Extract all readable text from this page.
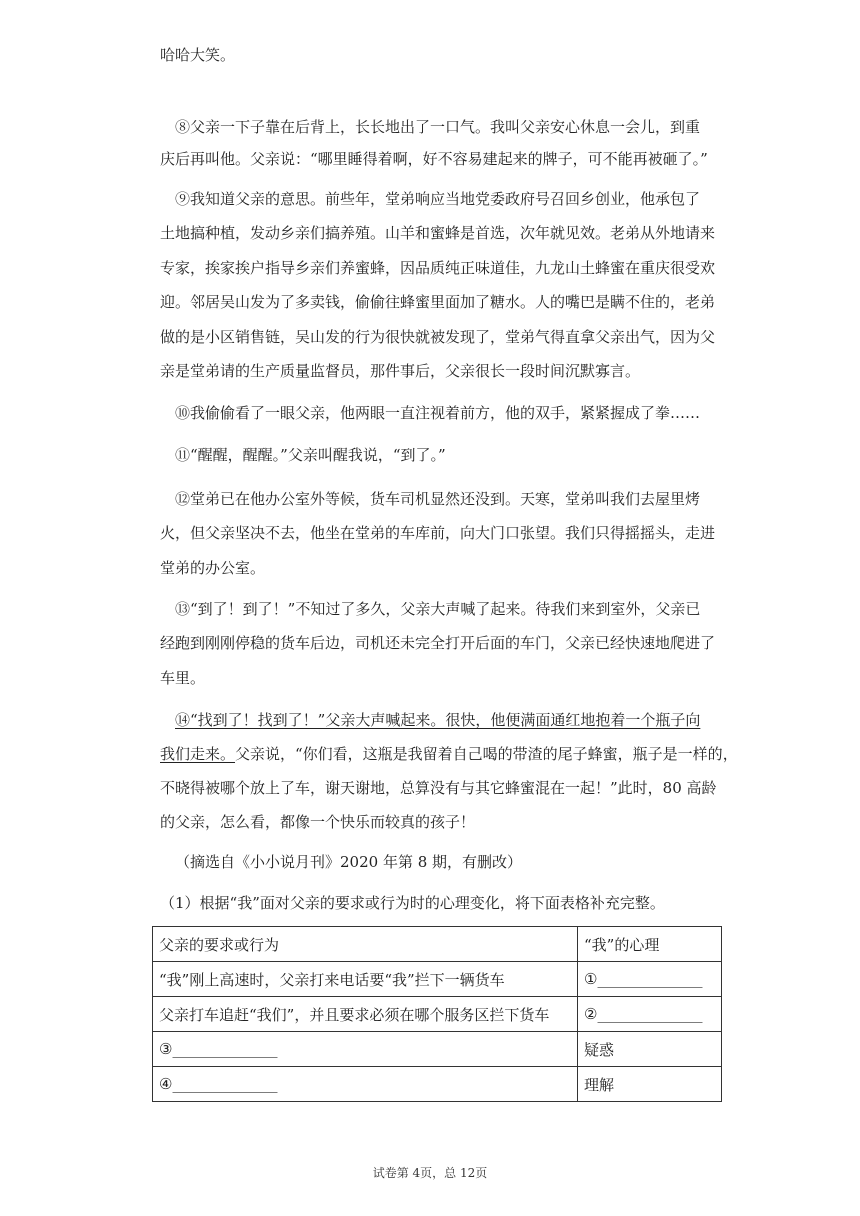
哈哈大笑。
⑧父亲一下子靠在后背上，长长地出了一口气。我叫父亲安心休息一会儿，到重
庆后再叫他。父亲说：“哪里睡得着啊，好不容易建起来的牌子，可不能再被砸了。”
⑨我知道父亲的意思。前些年，堂弟响应当地党委政府号召回乡创业，他承包了
土地搞种植，发动乡亲们搞养殖。山羊和蜜蜂是首选，次年就见效。老弟从外地请来
专家，挨家挨户指导乡亲们养蜜蜂，因品质纯正味道佳，九龙山土蜂蜜在重庆很受欢
迎。邻居吴山发为了多卖钱，偷偷往蜂蜜里面加了糖水。人的嘴巴是瞒不住的，老弟
做的是小区销售链，吴山发的行为很快就被发现了，堂弟气得直拿父亲出气，因为父
亲是堂弟请的生产质量监督员，那件事后，父亲很长一段时间沉默寡言。
⑩我偷偷看了一眼父亲，他两眼一直注视着前方，他的双手，紧紧握成了拳……
⑪“醒醒，醒醒。”父亲叫醒我说，“到了。”
⑫堂弟已在他办公室外等候，货车司机显然还没到。天寒，堂弟叫我们去屋里烤
火，但父亲坚决不去，他坐在堂弟的车库前，向大门口张望。我们只得摇摇头，走进
堂弟的办公室。
⑬“到了！到了！”不知过了多久，父亲大声喊了起来。待我们来到室外，父亲已
经跑到刚刚停稳的货车后边，司机还未完全打开后面的车门，父亲已经快速地爬进了
车里。
⑭“找到了！找到了！”父亲大声喊起来。很快，他便满面通红地抱着一个瓶子向
我们走来。父亲说，“你们看，这瓶是我留着自己喝的带渣的尾子蜂蜜，瓶子是一样的，
不晓得被哪个放上了车，谢天谢地，总算没有与其它蜂蜜混在一起！”此时，80 高龄
的父亲，怎么看，都像一个快乐而较真的孩子！
（摘选自《小小说月刊》2020 年第 8 期，有删改）
（1）根据“我”面对父亲的要求或行为时的心理变化，将下面表格补充完整。
父亲的要求或行为	“我”的心理
“我”刚上高速时，父亲打来电话要“我”拦下一辆货车	①______________
父亲打车追赶“我们”，并且要求必须在哪个服务区拦下货车	②______________
③______________	疑惑
④______________	理解
试卷第 4页，总 12页
